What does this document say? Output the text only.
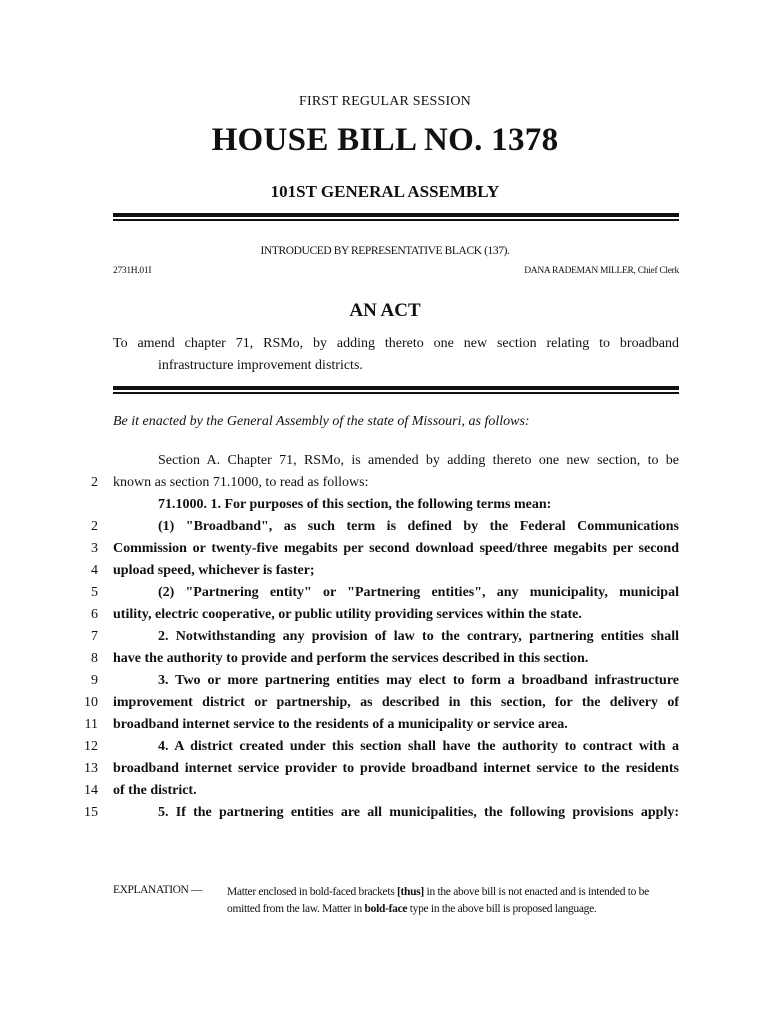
FIRST REGULAR SESSION
HOUSE BILL NO. 1378
101ST GENERAL ASSEMBLY
INTRODUCED BY REPRESENTATIVE BLACK (137).
2731H.01I	DANA RADEMAN MILLER, Chief Clerk
AN ACT
To amend chapter 71, RSMo, by adding thereto one new section relating to broadband
infrastructure improvement districts.
Be it enacted by the General Assembly of the state of Missouri, as follows:
Section A. Chapter 71, RSMo, is amended by adding thereto one new section, to be
2 known as section 71.1000, to read as follows:
71.1000. 1. For purposes of this section, the following terms mean:
2	(1) "Broadband", as such term is defined by the Federal Communications
3 Commission or twenty-five megabits per second download speed/three megabits per second
4 upload speed, whichever is faster;
5	(2) "Partnering entity" or "Partnering entities", any municipality, municipal
6 utility, electric cooperative, or public utility providing services within the state.
7	2. Notwithstanding any provision of law to the contrary, partnering entities shall
8 have the authority to provide and perform the services described in this section.
9	3. Two or more partnering entities may elect to form a broadband infrastructure
10 improvement district or partnership, as described in this section, for the delivery of
11 broadband internet service to the residents of a municipality or service area.
12	4. A district created under this section shall have the authority to contract with a
13 broadband internet service provider to provide broadband internet service to the residents
14 of the district.
15	5. If the partnering entities are all municipalities, the following provisions apply:
EXPLANATION — Matter enclosed in bold-faced brackets [thus] in the above bill is not enacted and is intended to be omitted from the law. Matter in bold-face type in the above bill is proposed language.
